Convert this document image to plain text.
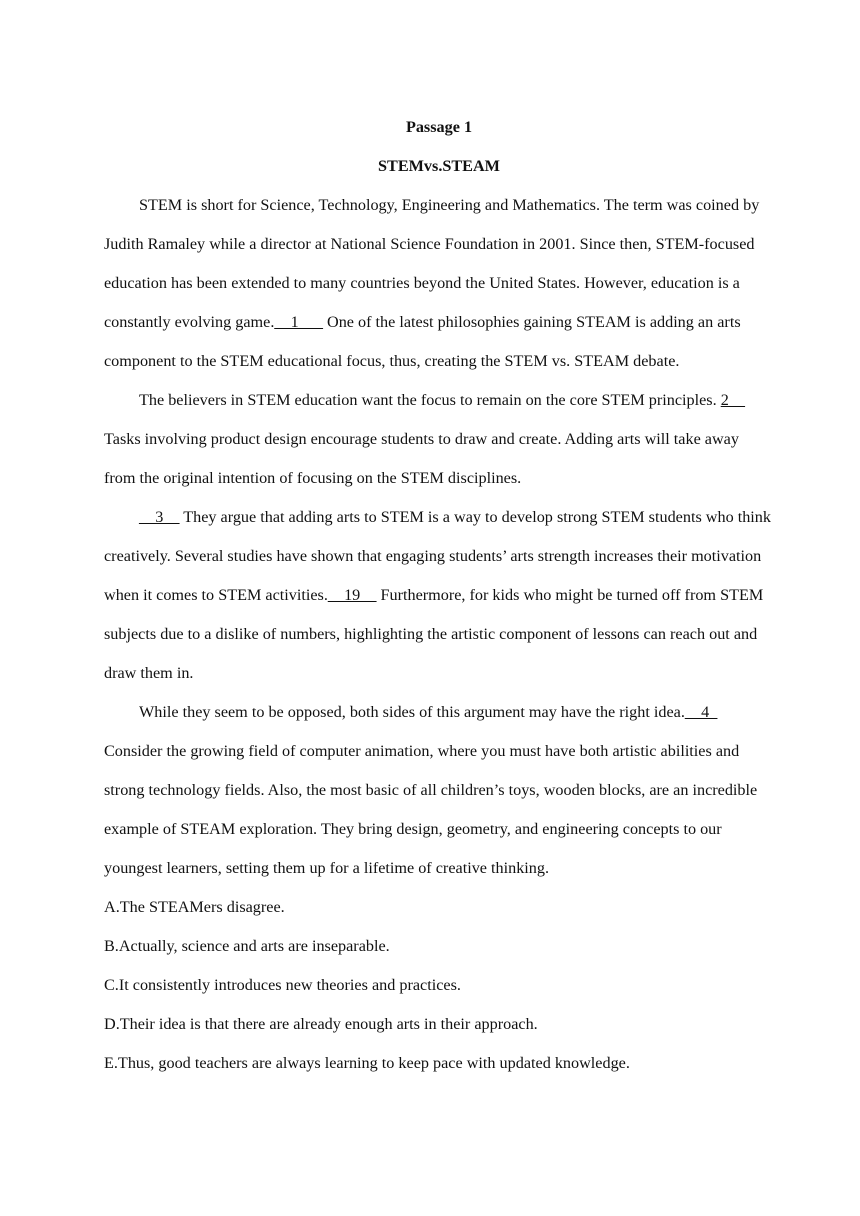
Passage 1

STEMvs.STEAM

STEM is short for Science, Technology, Engineering and Mathematics. The term was coined by Judith Ramaley while a director at National Science Foundation in 2001. Since then, STEM-focused education has been extended to many countries beyond the United States. However, education is a constantly evolving game.__1___ One of the latest philosophies gaining STEAM is adding an arts component to the STEM educational focus, thus, creating the STEM vs. STEAM debate.

The believers in STEM education want the focus to remain on the core STEM principles. 2__ Tasks involving product design encourage students to draw and create. Adding arts will take away from the original intention of focusing on the STEM disciplines.

__3__ They argue that adding arts to STEM is a way to develop strong STEM students who think creatively. Several studies have shown that engaging students’ arts strength increases their motivation when it comes to STEM activities.__19__ Furthermore, for kids who might be turned off from STEM subjects due to a dislike of numbers, highlighting the artistic component of lessons can reach out and draw them in.

While they seem to be opposed, both sides of this argument may have the right idea.__4_ Consider the growing field of computer animation, where you must have both artistic abilities and strong technology fields. Also, the most basic of all children’s toys, wooden blocks, are an incredible example of STEAM exploration. They bring design, geometry, and engineering concepts to our youngest learners, setting them up for a lifetime of creative thinking.

A.The STEAMers disagree.
B.Actually, science and arts are inseparable.
C.It consistently introduces new theories and practices.
D.Their idea is that there are already enough arts in their approach.
E.Thus, good teachers are always learning to keep pace with updated knowledge.
